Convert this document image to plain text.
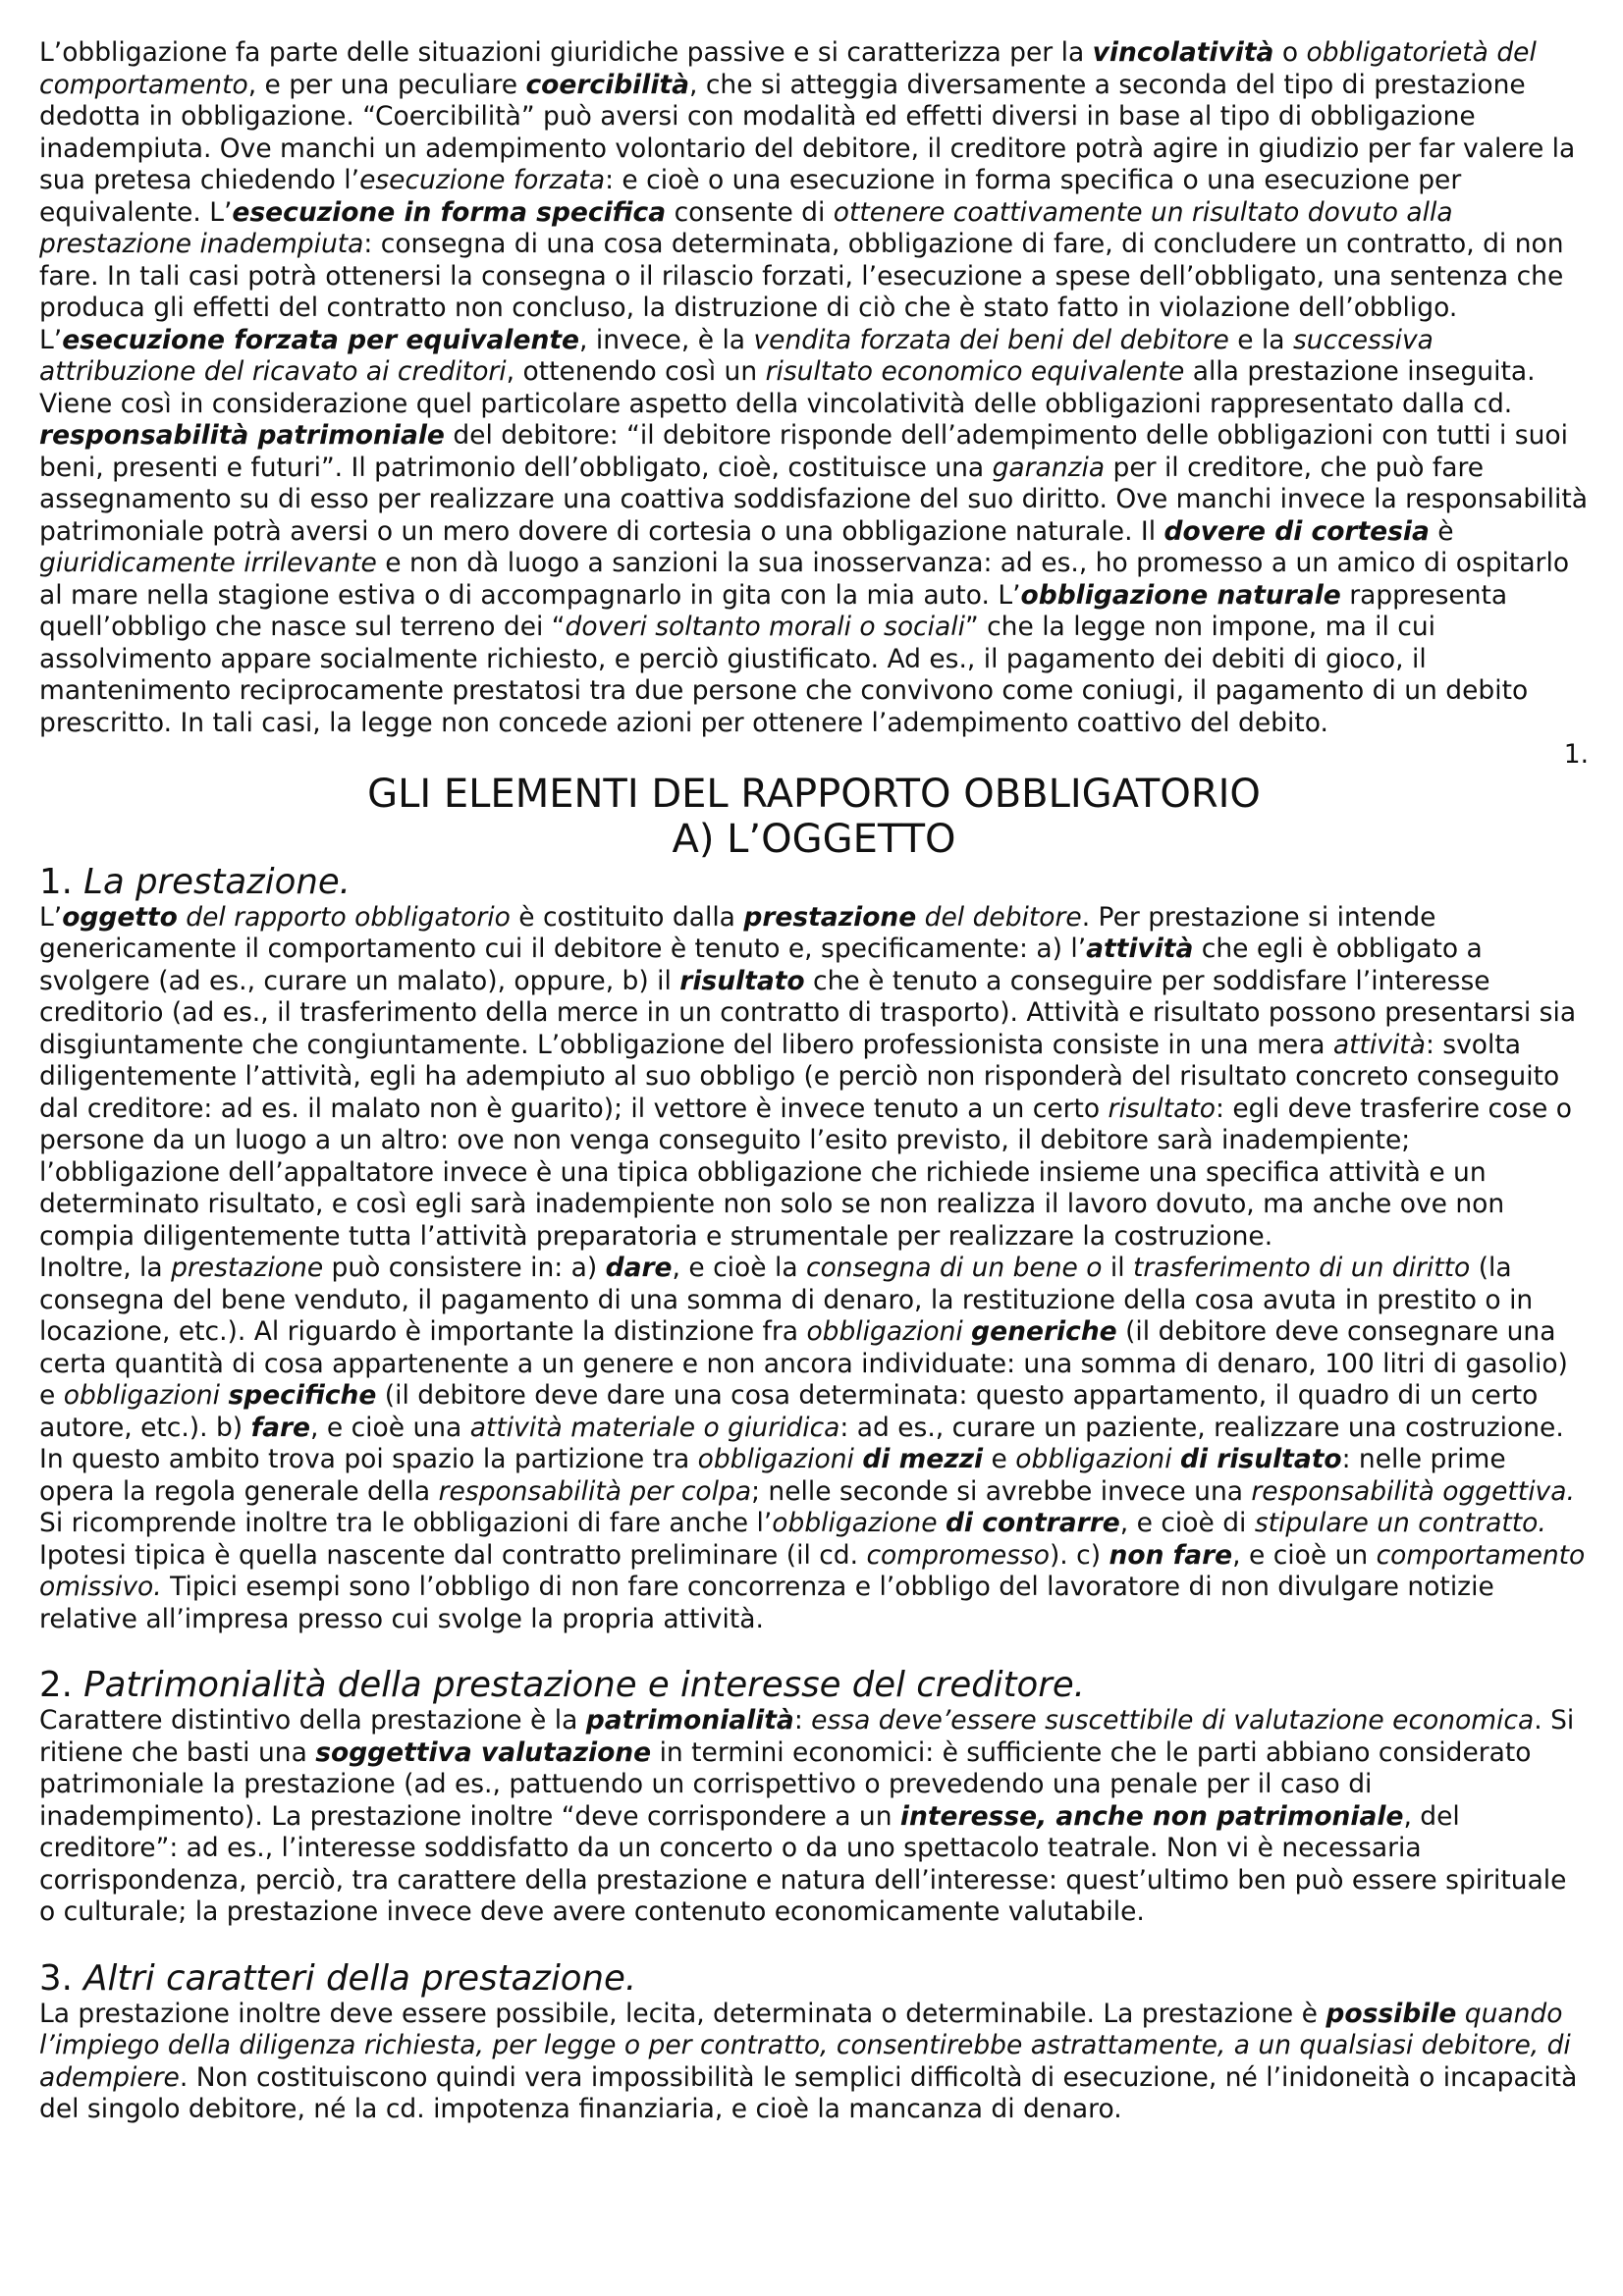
L’obbligazione fa parte delle situazioni giuridiche passive e si caratterizza per la vincolatività o obbligatorietà del comportamento, e per una peculiare coercibilità, che si atteggia diversamente a seconda del tipo di prestazione dedotta in obbligazione. “Coercibilità” può aversi con modalità ed effetti diversi in base al tipo di obbligazione inadempiuta. Ove manchi un adempimento volontario del debitore, il creditore potrà agire in giudizio per far valere la sua pretesa chiedendo l’esecuzione forzata: e cioè o una esecuzione in forma specifica o una esecuzione per equivalente. L’esecuzione in forma specifica consente di ottenere coattivamente un risultato dovuto alla prestazione inadempiuta: consegna di una cosa determinata, obbligazione di fare, di concludere un contratto, di non fare. In tali casi potrà ottenersi la consegna o il rilascio forzati, l’esecuzione a spese dell’obbligato, una sentenza che produca gli effetti del contratto non concluso, la distruzione di ciò che è stato fatto in violazione dell’obbligo. L’esecuzione forzata per equivalente, invece, è la vendita forzata dei beni del debitore e la successiva attribuzione del ricavato ai creditori, ottenendo così un risultato economico equivalente alla prestazione inseguita. Viene così in considerazione quel particolare aspetto della vincolatività delle obbligazioni rappresentato dalla cd. responsabilità patrimoniale del debitore: “il debitore risponde dell’adempimento delle obbligazioni con tutti i suoi beni, presenti e futuri”. Il patrimonio dell’obbligato, cioè, costituisce una garanzia per il creditore, che può fare assegnamento su di esso per realizzare una coattiva soddisfazione del suo diritto. Ove manchi invece la responsabilità patrimoniale potrà aversi o un mero dovere di cortesia o una obbligazione naturale. Il dovere di cortesia è giuridicamente irrilevante e non dà luogo a sanzioni la sua inosservanza: ad es., ho promesso a un amico di ospitarlo al mare nella stagione estiva o di accompagnarlo in gita con la mia auto. L’obbligazione naturale rappresenta quell’obbligo che nasce sul terreno dei “doveri soltanto morali o sociali” che la legge non impone, ma il cui assolvimento appare socialmente richiesto, e perciò giustificato. Ad es., il pagamento dei debiti di gioco, il mantenimento reciprocamente prestatosi tra due persone che convivono come coniugi, il pagamento di un debito prescritto. In tali casi, la legge non concede azioni per ottenere l’adempimento coattivo del debito.

1.

GLI ELEMENTI DEL RAPPORTO OBBLIGATORIO

A) L’OGGETTO

1. La prestazione.

L’oggetto del rapporto obbligatorio è costituito dalla prestazione del debitore. Per prestazione si intende genericamente il comportamento cui il debitore è tenuto e, specificamente: a) l’attività che egli è obbligato a svolgere (ad es., curare un malato), oppure, b) il risultato che è tenuto a conseguire per soddisfare l’interesse creditorio (ad es., il trasferimento della merce in un contratto di trasporto). Attività e risultato possono presentarsi sia disgiuntamente che congiuntamente. L’obbligazione del libero professionista consiste in una mera attività: svolta diligentemente l’attività, egli ha adempiuto al suo obbligo (e perciò non risponderà del risultato concreto conseguito dal creditore: ad es. il malato non è guarito); il vettore è invece tenuto a un certo risultato: egli deve trasferire cose o persone da un luogo a un altro: ove non venga conseguito l’esito previsto, il debitore sarà inadempiente; l’obbligazione dell’appaltatore invece è una tipica obbligazione che richiede insieme una specifica attività e un determinato risultato, e così egli sarà inadempiente non solo se non realizza il lavoro dovuto, ma anche ove non compia diligentemente tutta l’attività preparatoria e strumentale per realizzare la costruzione.

Inoltre, la prestazione può consistere in: a) dare, e cioè la consegna di un bene o il trasferimento di un diritto (la consegna del bene venduto, il pagamento di una somma di denaro, la restituzione della cosa avuta in prestito o in locazione, etc.). Al riguardo è importante la distinzione fra obbligazioni generiche (il debitore deve consegnare una certa quantità di cosa appartenente a un genere e non ancora individuate: una somma di denaro, 100 litri di gasolio) e obbligazioni specifiche (il debitore deve dare una cosa determinata: questo appartamento, il quadro di un certo autore, etc.). b) fare, e cioè una attività materiale o giuridica: ad es., curare un paziente, realizzare una costruzione. In questo ambito trova poi spazio la partizione tra obbligazioni di mezzi e obbligazioni di risultato: nelle prime opera la regola generale della responsabilità per colpa; nelle seconde si avrebbe invece una responsabilità oggettiva. Si ricomprende inoltre tra le obbligazioni di fare anche l’obbligazione di contrarre, e cioè di stipulare un contratto. Ipotesi tipica è quella nascente dal contratto preliminare (il cd. compromesso). c) non fare, e cioè un comportamento omissivo. Tipici esempi sono l’obbligo di non fare concorrenza e l’obbligo del lavoratore di non divulgare notizie relative all’impresa presso cui svolge la propria attività.

2. Patrimonialità della prestazione e interesse del creditore.

Carattere distintivo della prestazione è la patrimonialità: essa deve’essere suscettibile di valutazione economica. Si ritiene che basti una soggettiva valutazione in termini economici: è sufficiente che le parti abbiano considerato patrimoniale la prestazione (ad es., pattuendo un corrispettivo o prevedendo una penale per il caso di inadempimento). La prestazione inoltre “deve corrispondere a un interesse, anche non patrimoniale, del creditore”: ad es., l’interesse soddisfatto da un concerto o da uno spettacolo teatrale. Non vi è necessaria corrispondenza, perciò, tra carattere della prestazione e natura dell’interesse: quest’ultimo ben può essere spirituale o culturale; la prestazione invece deve avere contenuto economicamente valutabile.

3. Altri caratteri della prestazione.

La prestazione inoltre deve essere possibile, lecita, determinata o determinabile. La prestazione è possibile quando l’impiego della diligenza richiesta, per legge o per contratto, consentirebbe astrattamente, a un qualsiasi debitore, di adempiere. Non costituiscono quindi vera impossibilità le semplici difficoltà di esecuzione, né l’inidoneità o incapacità del singolo debitore, né la cd. impotenza finanziaria, e cioè la mancanza di denaro.
